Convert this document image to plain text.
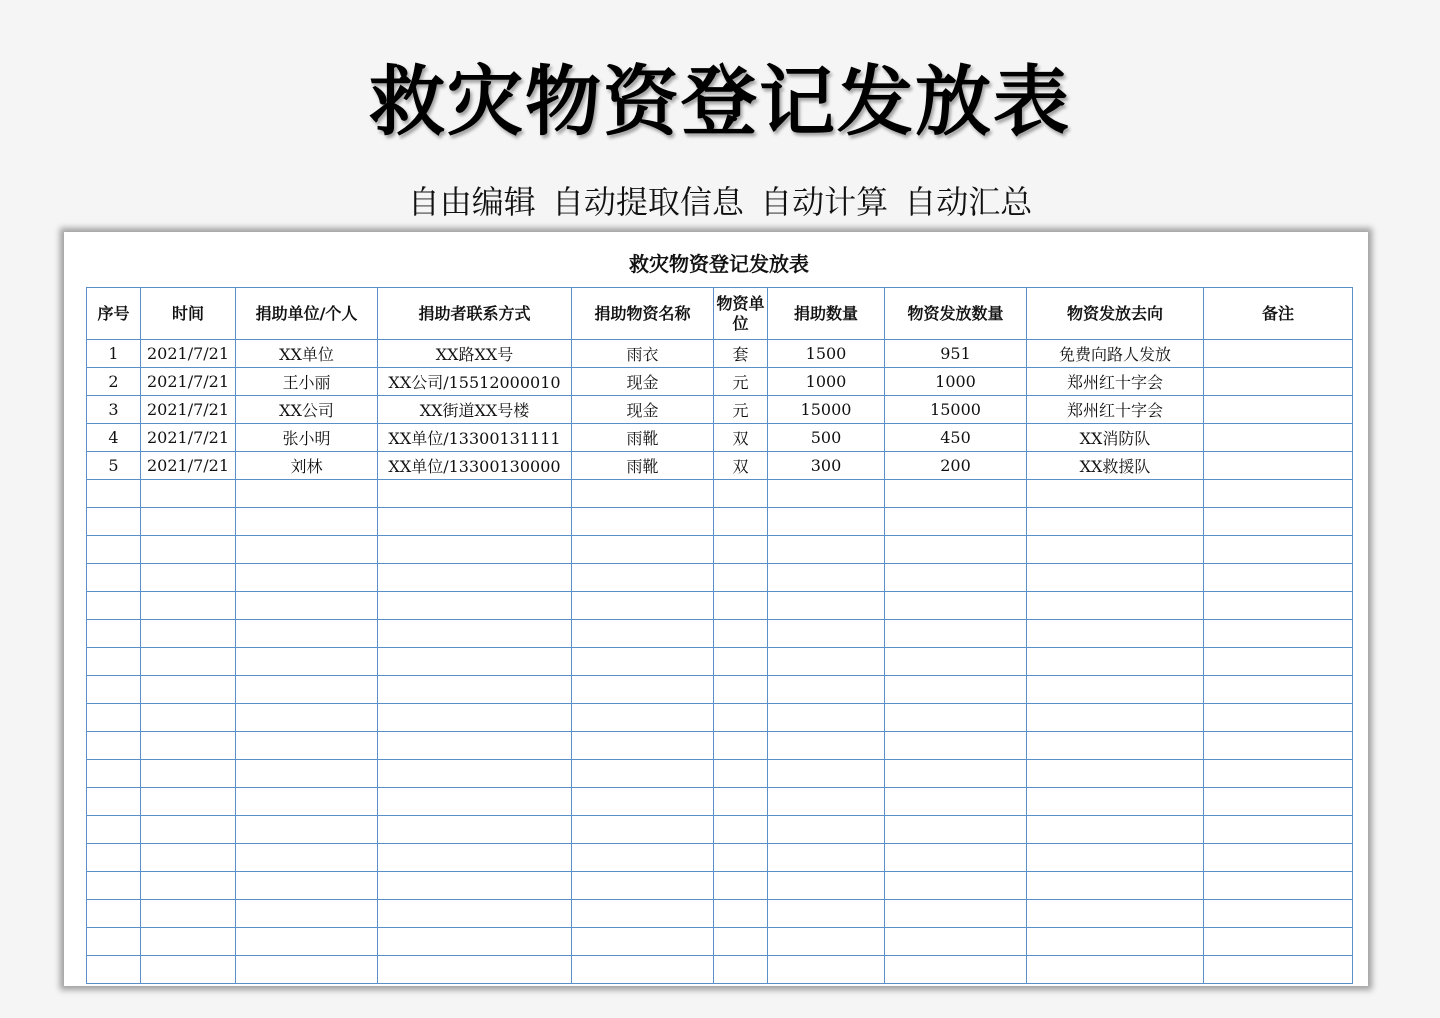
救灾物资登记发放表
自由编辑 自动提取信息 自动计算 自动汇总
救灾物资登记发放表
序号	时间	捐助单位/个人	捐助者联系方式	捐助物资名称	物资单位	捐助数量	物资发放数量	物资发放去向	备注
1	2021/7/21	XX单位	XX路XX号	雨衣	套	1500	951	免费向路人发放	
2	2021/7/21	王小丽	XX公司/15512000010	现金	元	1000	1000	郑州红十字会	
3	2021/7/21	XX公司	XX街道XX号楼	现金	元	15000	15000	郑州红十字会	
4	2021/7/21	张小明	XX单位/13300131111	雨靴	双	500	450	XX消防队	
5	2021/7/21	刘林	XX单位/13300130000	雨靴	双	300	200	XX救援队	
